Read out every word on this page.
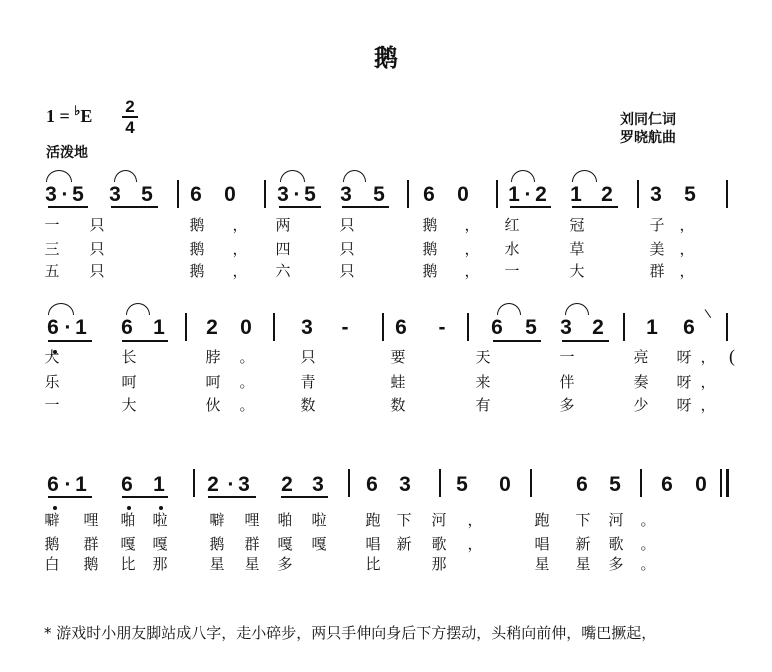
鹅
1 = ♭E 2
4	刘同仁词
罗晓航曲
活泼地
3 · 5 3 5 6 0 3 · 5 3 5 6 0 1 · 2 1 2 3 5
一 只	鹅 ， 两	只	鹅 ， 红	冠	子 ，
三 只	鹅 ， 四	只	鹅 ， 水	草	美 ，
五 只	鹅 ， 六	只	鹅 ， 一	大	群 ，
6 · 1 6 1 2 0 3 - 6 - 6 5 3 2 1 6
大	长	脖 。	只	要	天	一	亮 呀 ，
乐	呵	呵 。	青	蛙	来	伴	奏 呀 ，
一	大	伙 。	数	数	有	多	少 呀 ，
6 · 1 6 1 2 · 3 2 3 6 3 5 0	6 5 6 0
噼 哩 啪 啦	噼 哩 啪 啦	跑 下 河 ，	跑 下 河 。
鹅 群 嘎 嘎	鹅 群 嘎 嘎	唱 新 歌 ，	唱 新 歌 。
白 鹅 比 那	星 星 多	比	那	星 星 多 。
(
* 游戏时小朋友脚站成八字，走小碎步，两只手伸向身后下方摆动，头稍向前伸，嘴巴撅起，
